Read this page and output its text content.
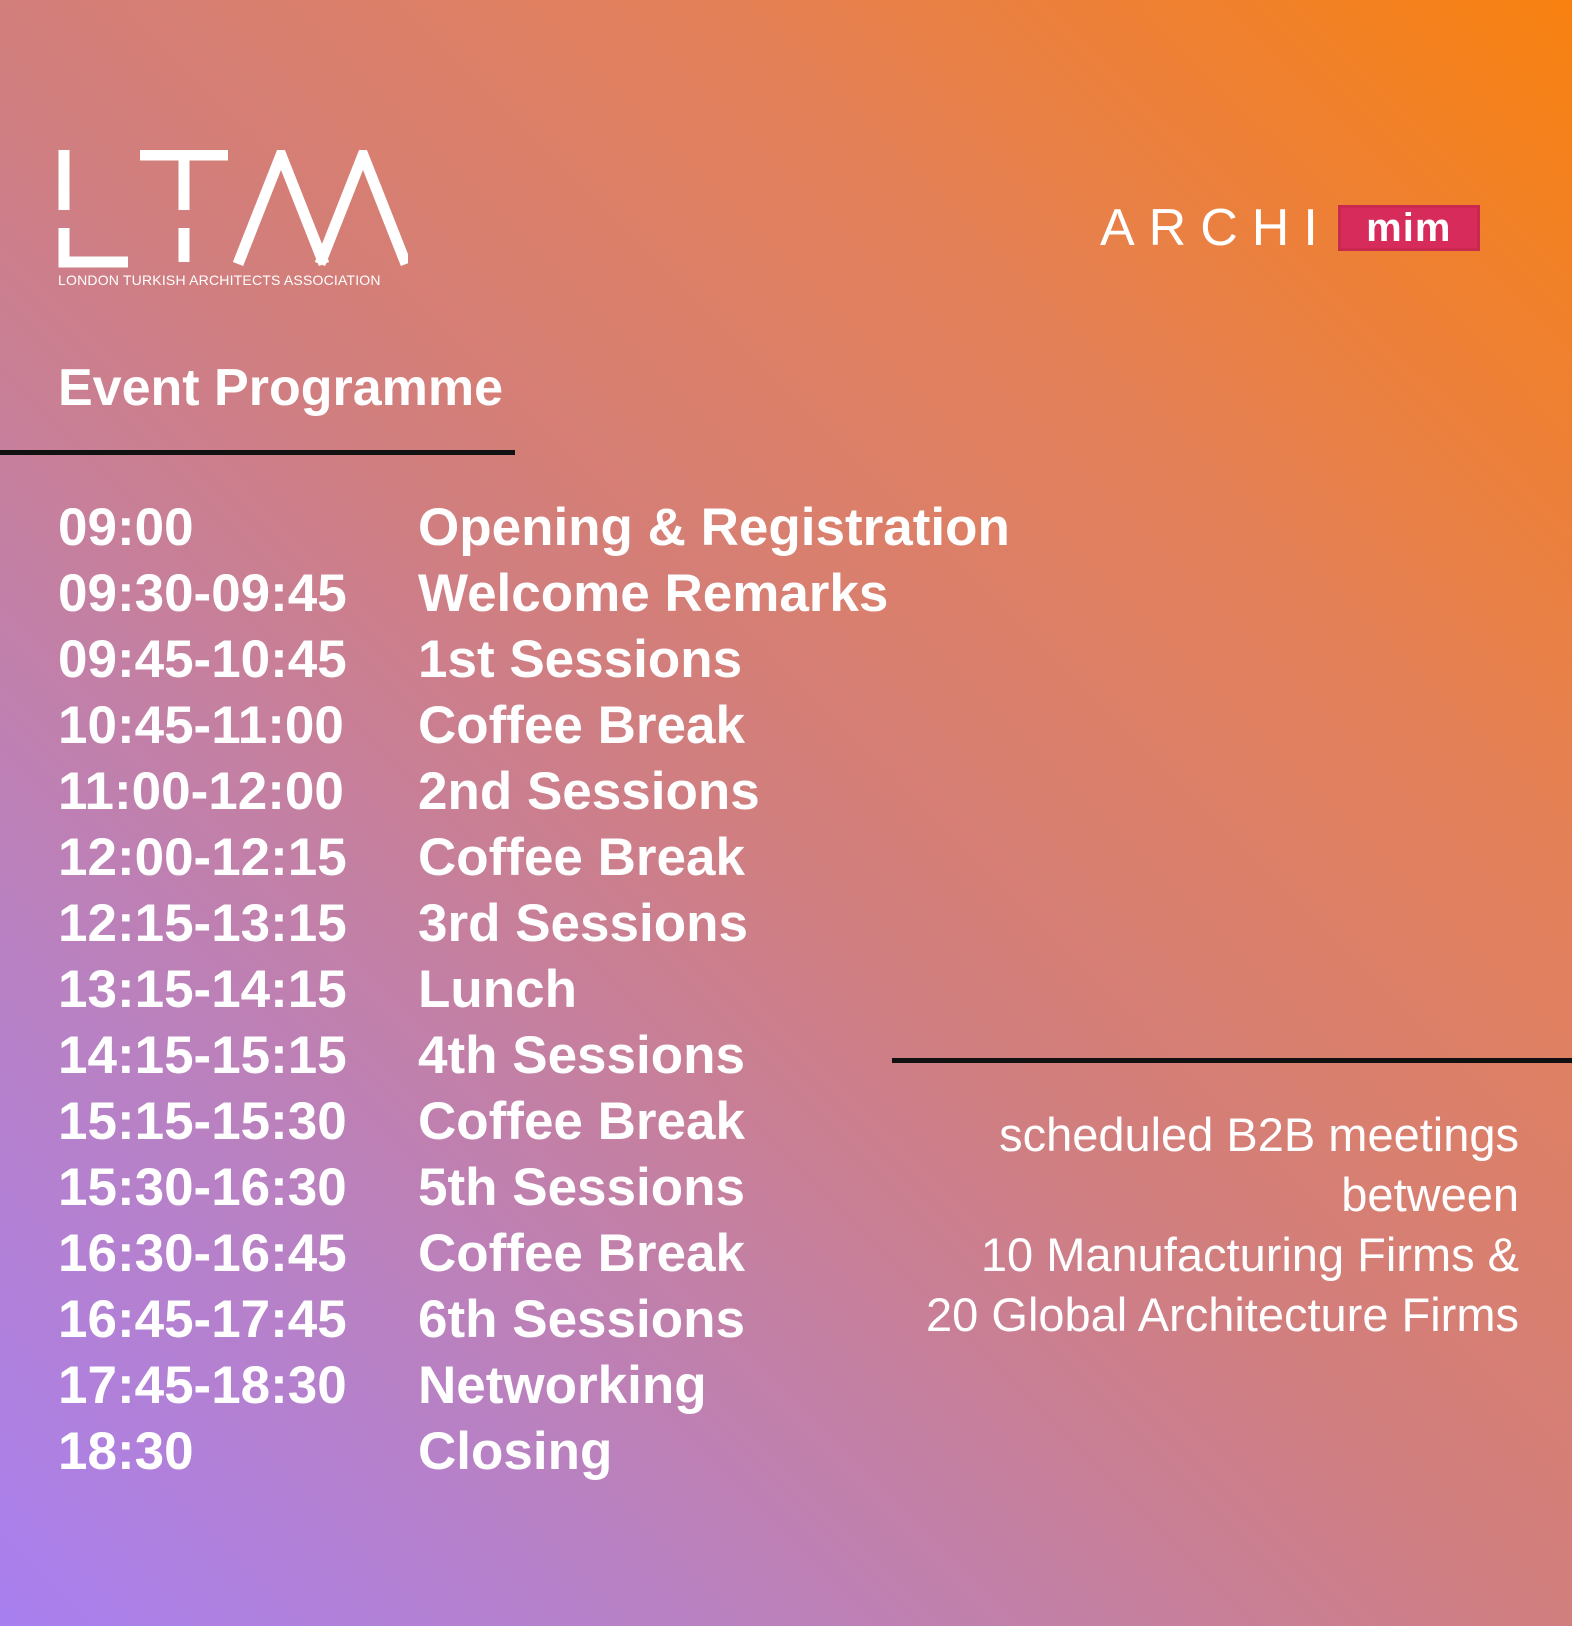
LONDON TURKISH ARCHITECTS ASSOCIATION
ARCHI mim
Event Programme
09:00	Opening & Registration
09:30-09:45	Welcome Remarks
09:45-10:45	1st Sessions
10:45-11:00	Coffee Break
11:00-12:00	2nd Sessions
12:00-12:15	Coffee Break
12:15-13:15	3rd Sessions
13:15-14:15	Lunch
14:15-15:15	4th Sessions
15:15-15:30	Coffee Break
15:30-16:30	5th Sessions
16:30-16:45	Coffee Break
16:45-17:45	6th Sessions
17:45-18:30	Networking
18:30	Closing
scheduled B2B meetings
between
10 Manufacturing Firms &
20 Global Architecture Firms
